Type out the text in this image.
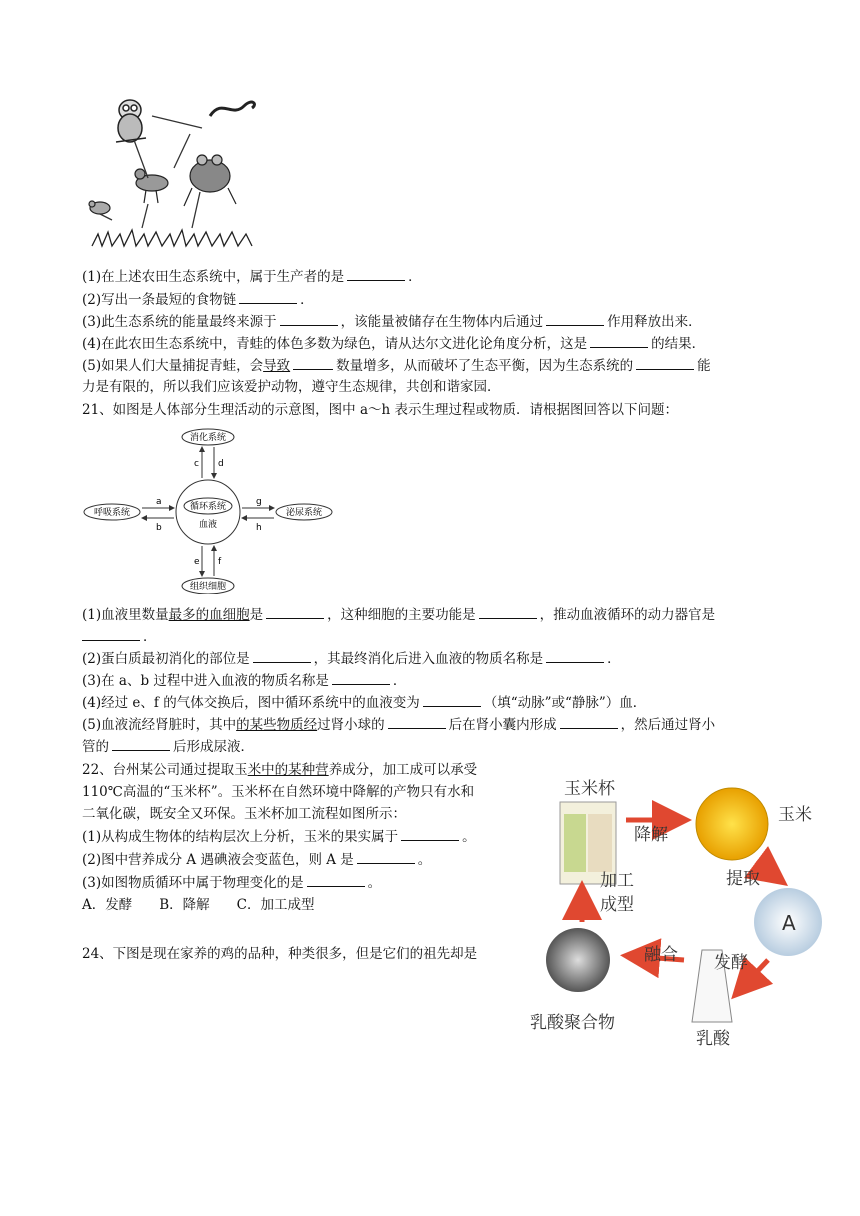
(1)在上述农田生态系统中，属于生产者的是	．
(2)写出一条最短的食物链	．
(3)此生态系统的能量最终来源于	，该能量被储存在生物体内后通过	作用释放出来．
(4)在此农田生态系统中，青蛙的体色多数为绿色，请从达尔文进化论角度分析，这是	的结果．
(5)如果人们大量捕捉青蛙，会导致	数量增多，从而破坏了生态平衡，因为生态系统的	能
力是有限的，所以我们应该爱护动物，遵守生态规律，共创和谐家园．
21、如图是人体部分生理活动的示意图，图中 a～h 表示生理过程或物质．请根据图回答以下问题：
消化系统
呼吸系统	泌尿系统
组织细胞
循环系统
血液
c d
e f
a
b
g
h
(1)血液里数量最多的血细胞是	，这种细胞的主要功能是	，推动血液循环的动力器官是
．
(2)蛋白质最初消化的部位是	，其最终消化后进入血液的物质名称是	．
(3)在 a、b 过程中进入血液的物质名称是	．
(4)经过 e、f 的气体交换后，图中循环系统中的血液变为	（填“动脉”或“静脉”）血．
(5)血液流经肾脏时，其中的某些物质经过肾小球的	后在肾小囊内形成	，然后通过肾小
管的	后形成尿液．
22、台州某公司通过提取玉米中的某种营养成分，加工成可以承受
110℃高温的“玉米杯”。玉米杯在自然环境中降解的产物只有水和
二氧化碳，既安全又环保。玉米杯加工流程如图所示：
(1)从构成生物体的结构层次上分析，玉米的果实属于	。
(2)图中营养成分 A 遇碘液会变蓝色，则 A 是	。
(3)如图物质循环中属于物理变化的是	。
A．发酵　　B．降解　　C．加工成型
玉米杯
玉米
A
乳酸
乳酸聚合物
降解
提取
发酵
融合
加工
成型
24、下图是现在家养的鸡的品种，种类很多，但是它们的祖先却是
